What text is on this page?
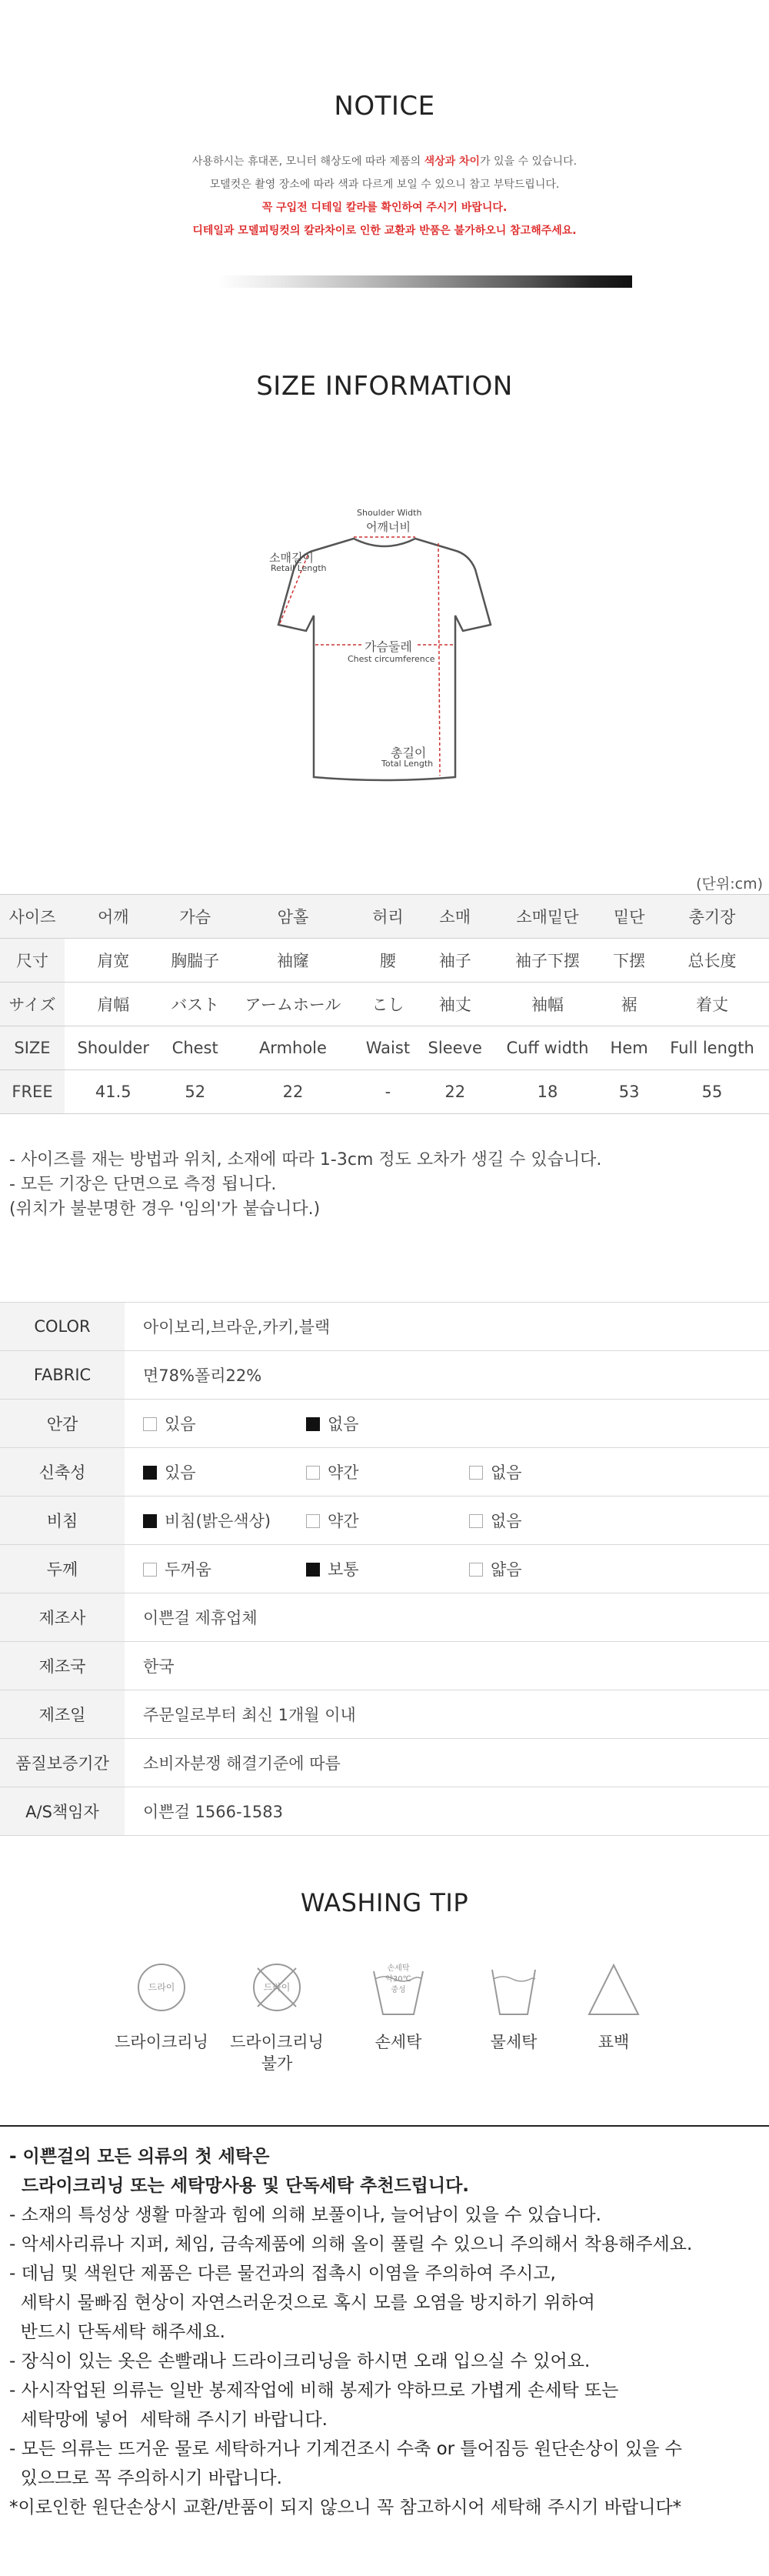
NOTICE
사용하시는 휴대폰, 모니터 해상도에 따라 제품의 색상과 차이가 있을 수 있습니다.
모델컷은 촬영 장소에 따라 색과 다르게 보일 수 있으니 참고 부탁드립니다.
꼭 구입전 디테일 칼라를 확인하여 주시기 바랍니다.
디테일과 모델피팅컷의 칼라차이로 인한 교환과 반품은 불가하오니 참고해주세요.
SIZE INFORMATION
Shoulder Width
어깨너비
소매길이
Retail Length
가슴둘레
Chest circumference
총길이
Total Length
(단위:cm)
사이즈	어깨	가슴	암홀	허리	소매	소매밑단	밑단	총기장
尺寸	肩宽	胸腨子	袖窿	腰	袖子	袖子下摆	下摆	总长度
サイズ	肩幅	バスト	アームホール	こし	袖丈	袖幅	裾	着丈
SIZE	Shoulder	Chest	Armhole	Waist	Sleeve	Cuff width	Hem	Full length
FREE	41.5	52	22	-	22	18	53	55
- 사이즈를 재는 방법과 위치, 소재에 따라 1-3cm 정도 오차가 생길 수 있습니다.
- 모든 기장은 단면으로 측정 됩니다.
(위치가 불분명한 경우 '임의'가 붙습니다.)
COLOR	아이보리,브라운,카키,블랙
FABRIC	면78%폴리22%
안감	있음 없음
신축성	있음 약간 없음
비침	비침(밝은색상) 약간 없음
두께	두꺼움 보통 얇음
제조사	이쁜걸 제휴업체
제조국	한국
제조일	주문일로부터 최신 1개월 이내
품질보증기간	소비자분쟁 해결기준에 따름
A/S책임자	이쁜걸 1566-1583
WASHING TIP
드라이	드라이
손세탁
약30℃
중성
드라이크리닝	드라이크리닝
불가
손세탁	물세탁	표백
- 이쁜걸의 모든 의류의 첫 세탁은
드라이크리닝 또는 세탁망사용 및 단독세탁 추천드립니다.
- 소재의 특성상 생활 마찰과 힘에 의해 보풀이나, 늘어남이 있을 수 있습니다.
- 악세사리류나 지퍼, 체임, 금속제품에 의해 올이 풀릴 수 있으니 주의해서 착용해주세요.
- 데님 및 색원단 제품은 다른 물건과의 접촉시 이염을 주의하여 주시고,
세탁시 물빠짐 현상이 자연스러운것으로 혹시 모를 오염을 방지하기 위하여
반드시 단독세탁 해주세요.
- 장식이 있는 옷은 손빨래나 드라이크리닝을 하시면 오래 입으실 수 있어요.
- 사시작업된 의류는 일반 봉제작업에 비해 봉제가 약하므로 가볍게 손세탁 또는
세탁망에 넣어  세탁해 주시기 바랍니다.
- 모든 의류는 뜨거운 물로 세탁하거나 기계건조시 수축 or 틀어짐등 원단손상이 있을 수
있으므로 꼭 주의하시기 바랍니다.
*이로인한 원단손상시 교환/반품이 되지 않으니 꼭 참고하시어 세탁해 주시기 바랍니다*
